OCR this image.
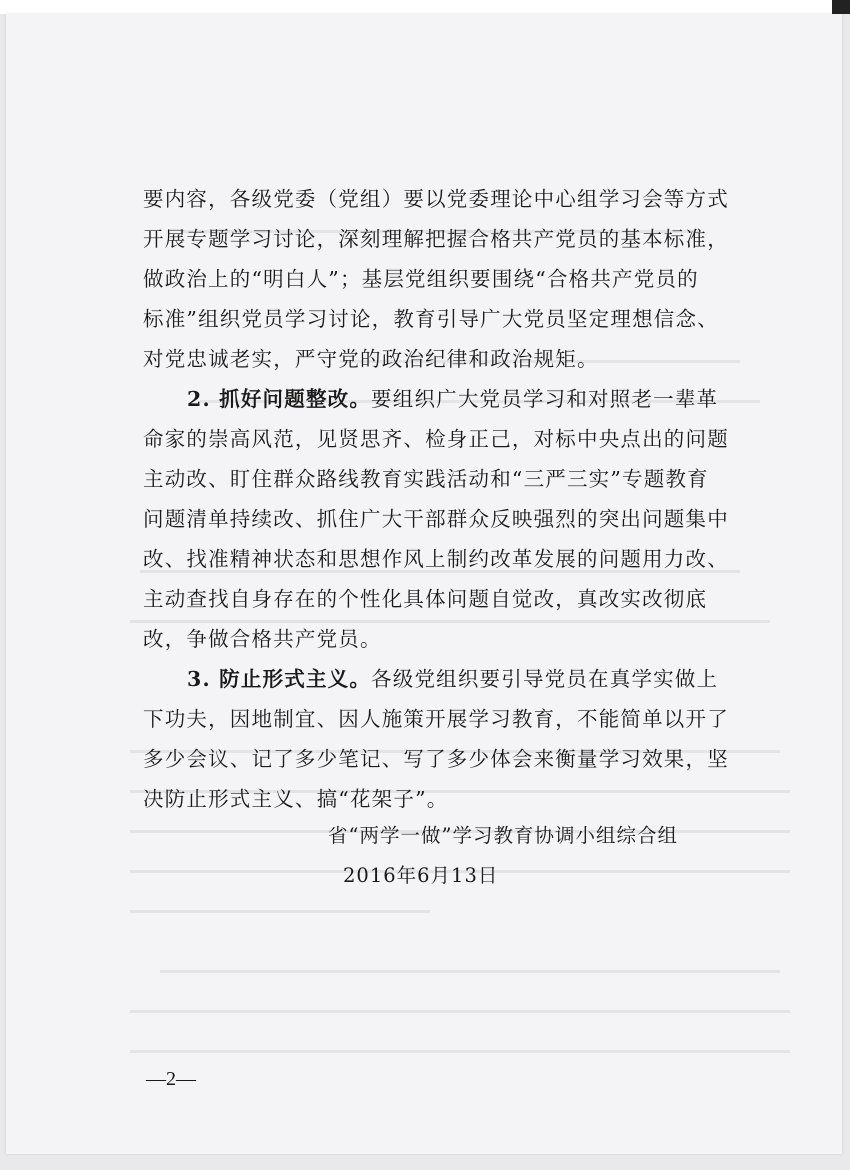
要内容，各级党委（党组）要以党委理论中心组学习会等方式
开展专题学习讨论，深刻理解把握合格共产党员的基本标准，
做政治上的“明白人”；基层党组织要围绕“合格共产党员的
标准”组织党员学习讨论，教育引导广大党员坚定理想信念、
对党忠诚老实，严守党的政治纪律和政治规矩。
2. 抓好问题整改。要组织广大党员学习和对照老一辈革
命家的崇高风范，见贤思齐、检身正己，对标中央点出的问题
主动改、盯住群众路线教育实践活动和“三严三实”专题教育
问题清单持续改、抓住广大干部群众反映强烈的突出问题集中
改、找准精神状态和思想作风上制约改革发展的问题用力改、
主动查找自身存在的个性化具体问题自觉改，真改实改彻底
改，争做合格共产党员。
3. 防止形式主义。各级党组织要引导党员在真学实做上
下功夫，因地制宜、因人施策开展学习教育，不能简单以开了
多少会议、记了多少笔记、写了多少体会来衡量学习效果，坚
决防止形式主义、搞“花架子”。
省“两学一做”学习教育协调小组综合组
2016年6月13日
—2—
